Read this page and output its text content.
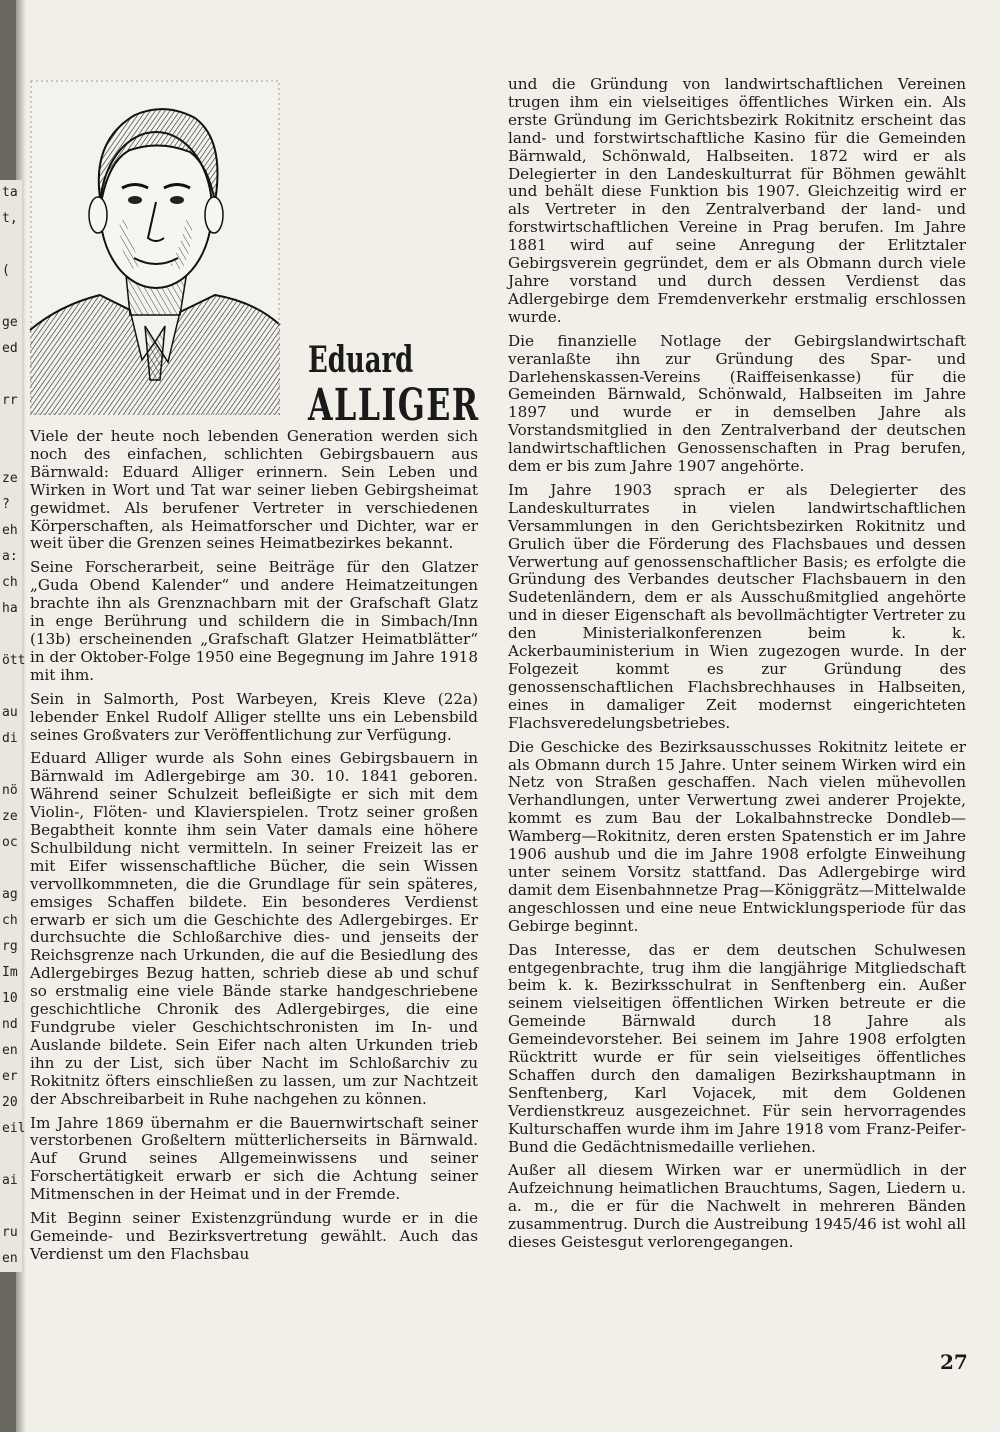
ta
t,

(

ge
ed

rr

ze
?
eh
a:
ch
ha

ött

au
di

nö
ze
oc

ag
ch
rg
Im
10
nd
en
er
20
eil

ai

ru
en
Eduard
ALLIGER

Viele der heute noch lebenden Generation werden sich noch des einfachen, schlichten Gebirgsbauern aus Bärnwald: Eduard Alliger erinnern. Sein Leben und Wirken in Wort und Tat war seiner lieben Gebirgsheimat gewidmet. Als berufener Vertreter in verschiedenen Körperschaften, als Heimatforscher und Dichter, war er weit über die Grenzen seines Heimatbezirkes bekannt.

Seine Forscherarbeit, seine Beiträge für den Glatzer „Guda Obend Kalender“ und andere Heimatzeitungen brachte ihn als Grenznachbarn mit der Grafschaft Glatz in enge Berührung und schildern die in Simbach/Inn (13b) erscheinenden „Grafschaft Glatzer Heimatblätter“ in der Oktober-Folge 1950 eine Begegnung im Jahre 1918 mit ihm.

Sein in Salmorth, Post Warbeyen, Kreis Kleve (22a) lebender Enkel Rudolf Alliger stellte uns ein Lebensbild seines Großvaters zur Veröffentlichung zur Verfügung.

Eduard Alliger wurde als Sohn eines Gebirgsbauern in Bärnwald im Adlergebirge am 30. 10. 1841 geboren. Während seiner Schulzeit befleißigte er sich mit dem Violin-, Flöten- und Klavierspielen. Trotz seiner großen Begabtheit konnte ihm sein Vater damals eine höhere Schulbildung nicht vermitteln. In seiner Freizeit las er mit Eifer wissenschaftliche Bücher, die sein Wissen vervollkommneten, die die Grundlage für sein späteres, emsiges Schaffen bildete. Ein besonderes Verdienst erwarb er sich um die Geschichte des Adlergebirges. Er durchsuchte die Schloßarchive dies- und jenseits der Reichsgrenze nach Urkunden, die auf die Besiedlung des Adlergebirges Bezug hatten, schrieb diese ab und schuf so erstmalig eine viele Bände starke handgeschriebene geschichtliche Chronik des Adlergebirges, die eine Fundgrube vieler Geschichtschronisten im In- und Auslande bildete. Sein Eifer nach alten Urkunden trieb ihn zu der List, sich über Nacht im Schloßarchiv zu Rokitnitz öfters einschließen zu lassen, um zur Nachtzeit der Abschreibarbeit in Ruhe nachgehen zu können.

Im Jahre 1869 übernahm er die Bauernwirtschaft seiner verstorbenen Großeltern mütterlicherseits in Bärnwald. Auf Grund seines Allgemeinwissens und seiner Forschertätigkeit erwarb er sich die Achtung seiner Mitmenschen in der Heimat und in der Fremde.

Mit Beginn seiner Existenzgründung wurde er in die Gemeinde- und Bezirksvertretung gewählt. Auch das Verdienst um den Flachsbau

und die Gründung von landwirtschaftlichen Vereinen trugen ihm ein vielseitiges öffentliches Wirken ein. Als erste Gründung im Gerichtsbezirk Rokitnitz erscheint das land- und forstwirtschaftliche Kasino für die Gemeinden Bärnwald, Schönwald, Halbseiten. 1872 wird er als Delegierter in den Landeskulturrat für Böhmen gewählt und behält diese Funktion bis 1907. Gleichzeitig wird er als Vertreter in den Zentralverband der land- und forstwirtschaftlichen Vereine in Prag berufen. Im Jahre 1881 wird auf seine Anregung der Erlitztaler Gebirgsverein gegründet, dem er als Obmann durch viele Jahre vorstand und durch dessen Verdienst das Adlergebirge dem Fremdenverkehr erstmalig erschlossen wurde.

Die finanzielle Notlage der Gebirgslandwirtschaft veranlaßte ihn zur Gründung des Spar- und Darlehenskassen-Vereins (Raiffeisenkasse) für die Gemeinden Bärnwald, Schönwald, Halbseiten im Jahre 1897 und wurde er in demselben Jahre als Vorstandsmitglied in den Zentralverband der deutschen landwirtschaftlichen Genossenschaften in Prag berufen, dem er bis zum Jahre 1907 angehörte.

Im Jahre 1903 sprach er als Delegierter des Landeskulturrates in vielen landwirtschaftlichen Versammlungen in den Gerichtsbezirken Rokitnitz und Grulich über die Förderung des Flachsbaues und dessen Verwertung auf genossenschaftlicher Basis; es erfolgte die Gründung des Verbandes deutscher Flachsbauern in den Sudetenländern, dem er als Ausschußmitglied angehörte und in dieser Eigenschaft als bevollmächtigter Vertreter zu den Ministerialkonferenzen beim k. k. Ackerbauministerium in Wien zugezogen wurde. In der Folgezeit kommt es zur Gründung des genossenschaftlichen Flachsbrechhauses in Halbseiten, eines in damaliger Zeit modernst eingerichteten Flachsveredelungsbetriebes.

Die Geschicke des Bezirksausschusses Rokitnitz leitete er als Obmann durch 15 Jahre. Unter seinem Wirken wird ein Netz von Straßen geschaffen. Nach vielen mühevollen Verhandlungen, unter Verwertung zwei anderer Projekte, kommt es zum Bau der Lokalbahnstrecke Dondleb—Wamberg—Rokitnitz, deren ersten Spatenstich er im Jahre 1906 aushub und die im Jahre 1908 erfolgte Einweihung unter seinem Vorsitz stattfand. Das Adlergebirge wird damit dem Eisenbahnnetze Prag—Königgrätz—Mittelwalde angeschlossen und eine neue Entwicklungsperiode für das Gebirge beginnt.

Das Interesse, das er dem deutschen Schulwesen entgegenbrachte, trug ihm die langjährige Mitgliedschaft beim k. k. Bezirksschulrat in Senftenberg ein. Außer seinem vielseitigen öffentlichen Wirken betreute er die Gemeinde Bärnwald durch 18 Jahre als Gemeindevorsteher. Bei seinem im Jahre 1908 erfolgten Rücktritt wurde er für sein vielseitiges öffentliches Schaffen durch den damaligen Bezirkshauptmann in Senftenberg, Karl Vojacek, mit dem Goldenen Verdienstkreuz ausgezeichnet. Für sein hervorragendes Kulturschaffen wurde ihm im Jahre 1918 vom Franz-Peifer-Bund die Gedächtnismedaille verliehen.

Außer all diesem Wirken war er unermüdlich in der Aufzeichnung heimatlichen Brauchtums, Sagen, Liedern u. a. m., die er für die Nachwelt in mehreren Bänden zusammentrug. Durch die Austreibung 1945/46 ist wohl all dieses Geistesgut verlorengegangen.

27
